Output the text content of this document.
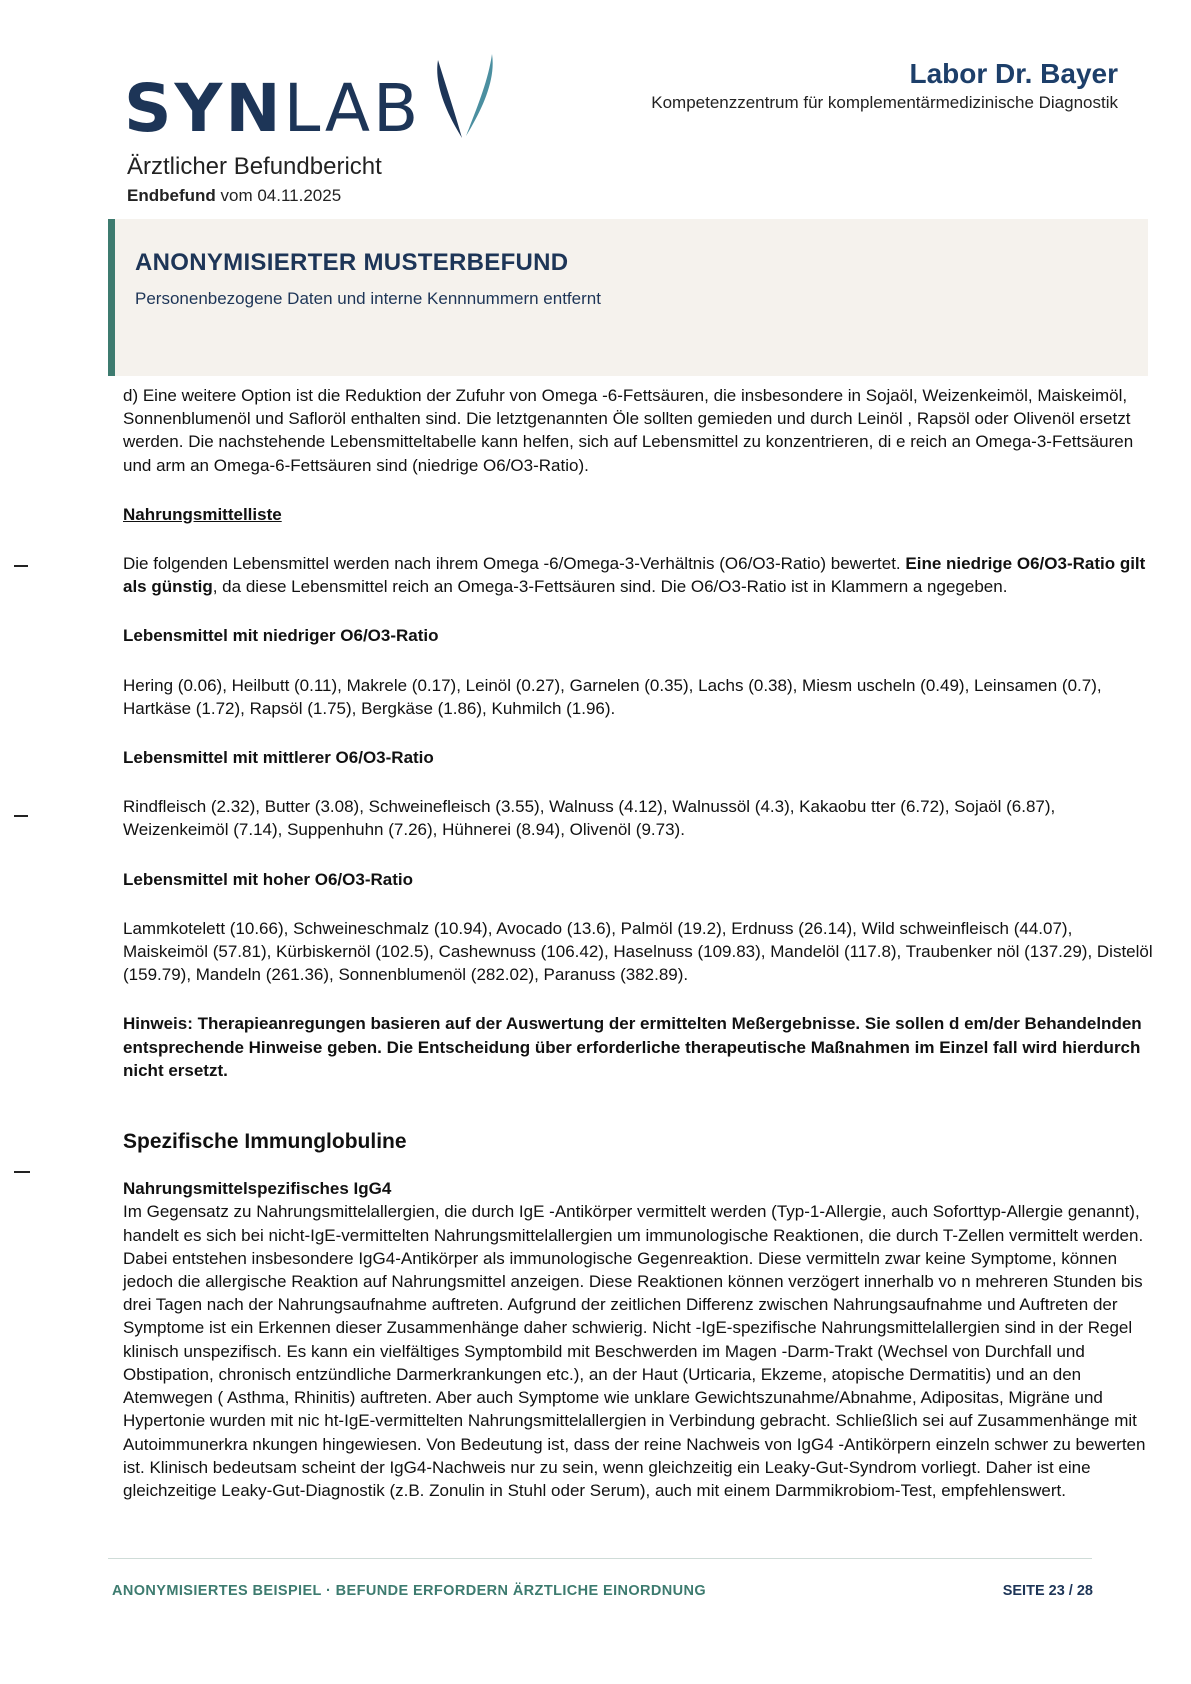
SYNLAB
Ärztlicher Befundbericht
Endbefund vom 04.11.2025
Labor Dr. Bayer
Kompetenzzentrum für komplementärmedizinische Diagnostik
ANONYMISIERTER MUSTERBEFUND
Personenbezogene Daten und interne Kennnummern entfernt

d) Eine weitere Option ist die Reduktion der Zufuhr von Omega -6-Fettsäuren, die insbesondere in Sojaöl, Weizenkeimöl, Maiskeimöl, Sonnenblumenöl und Safloröl enthalten sind. Die letztgenannten Öle sollten gemieden und durch Leinöl , Rapsöl oder Olivenöl ersetzt werden. Die nachstehende Lebensmitteltabelle kann helfen, sich auf Lebensmittel zu konzentrieren, di e reich an Omega-3-Fettsäuren und arm an Omega-6-Fettsäuren sind (niedrige O6/O3-Ratio).

Nahrungsmittelliste

Die folgenden Lebensmittel werden nach ihrem Omega -6/Omega-3-Verhältnis (O6/O3-Ratio) bewertet. Eine niedrige O6/O3-Ratio gilt als günstig, da diese Lebensmittel reich an Omega-3-Fettsäuren sind. Die O6/O3-Ratio ist in Klammern a ngegeben.

Lebensmittel mit niedriger O6/O3-Ratio

Hering (0.06), Heilbutt (0.11), Makrele (0.17), Leinöl (0.27), Garnelen (0.35), Lachs (0.38), Miesm uscheln (0.49), Leinsamen (0.7), Hartkäse (1.72), Rapsöl (1.75), Bergkäse (1.86), Kuhmilch (1.96).

Lebensmittel mit mittlerer O6/O3-Ratio

Rindfleisch (2.32), Butter (3.08), Schweinefleisch (3.55), Walnuss (4.12), Walnussöl (4.3), Kakaobu tter (6.72), Sojaöl (6.87), Weizenkeimöl (7.14), Suppenhuhn (7.26), Hühnerei (8.94), Olivenöl (9.73).

Lebensmittel mit hoher O6/O3-Ratio

Lammkotelett (10.66), Schweineschmalz (10.94), Avocado (13.6), Palmöl (19.2), Erdnuss (26.14), Wild schweinfleisch (44.07), Maiskeimöl (57.81), Kürbiskernöl (102.5), Cashewnuss (106.42), Haselnuss (109.83), Mandelöl (117.8), Traubenker nöl (137.29), Distelöl (159.79), Mandeln (261.36), Sonnenblumenöl (282.02), Paranuss (382.89).

Hinweis: Therapieanregungen basieren auf der Auswertung der ermittelten Meßergebnisse. Sie sollen d em/der Behandelnden entsprechende Hinweise geben. Die Entscheidung über erforderliche therapeutische Maßnahmen im Einzel fall wird hierdurch nicht ersetzt.

Spezifische Immunglobuline

Nahrungsmittelspezifisches IgG4

Im Gegensatz zu Nahrungsmittelallergien, die durch IgE -Antikörper vermittelt werden (Typ-1-Allergie, auch Soforttyp-Allergie genannt), handelt es sich bei nicht-IgE-vermittelten Nahrungsmittelallergien um immunologische Reaktionen, die durch T-Zellen vermittelt werden. Dabei entstehen insbesondere IgG4-Antikörper als immunologische Gegenreaktion. Diese vermitteln zwar keine Symptome, können jedoch die allergische Reaktion auf Nahrungsmittel anzeigen. Diese Reaktionen können verzögert innerhalb vo n mehreren Stunden bis drei Tagen nach der Nahrungsaufnahme auftreten. Aufgrund der zeitlichen Differenz zwischen Nahrungsaufnahme und Auftreten der Symptome ist ein Erkennen dieser Zusammenhänge daher schwierig. Nicht -IgE-spezifische Nahrungsmittelallergien sind in der Regel klinisch unspezifisch. Es kann ein vielfältiges Symptombild mit Beschwerden im Magen -Darm-Trakt (Wechsel von Durchfall und Obstipation, chronisch entzündliche Darmerkrankungen etc.), an der Haut (Urticaria, Ekzeme, atopische Dermatitis) und an den Atemwegen ( Asthma, Rhinitis) auftreten. Aber auch Symptome wie unklare Gewichtszunahme/Abnahme, Adipositas, Migräne und Hypertonie wurden mit nic ht-IgE-vermittelten Nahrungsmittelallergien in Verbindung gebracht. Schließlich sei auf Zusammenhänge mit Autoimmunerkra nkungen hingewiesen. Von Bedeutung ist, dass der reine Nachweis von IgG4 -Antikörpern einzeln schwer zu bewerten ist. Klinisch bedeutsam scheint der IgG4-Nachweis nur zu sein, wenn gleichzeitig ein Leaky-Gut-Syndrom vorliegt. Daher ist eine gleichzeitige Leaky-Gut-Diagnostik (z.B. Zonulin in Stuhl oder Serum), auch mit einem Darmmikrobiom-Test, empfehlenswert.

ANONYMISIERTES BEISPIEL · BEFUNDE ERFORDERN ÄRZTLICHE EINORDNUNG	SEITE 23 / 28
